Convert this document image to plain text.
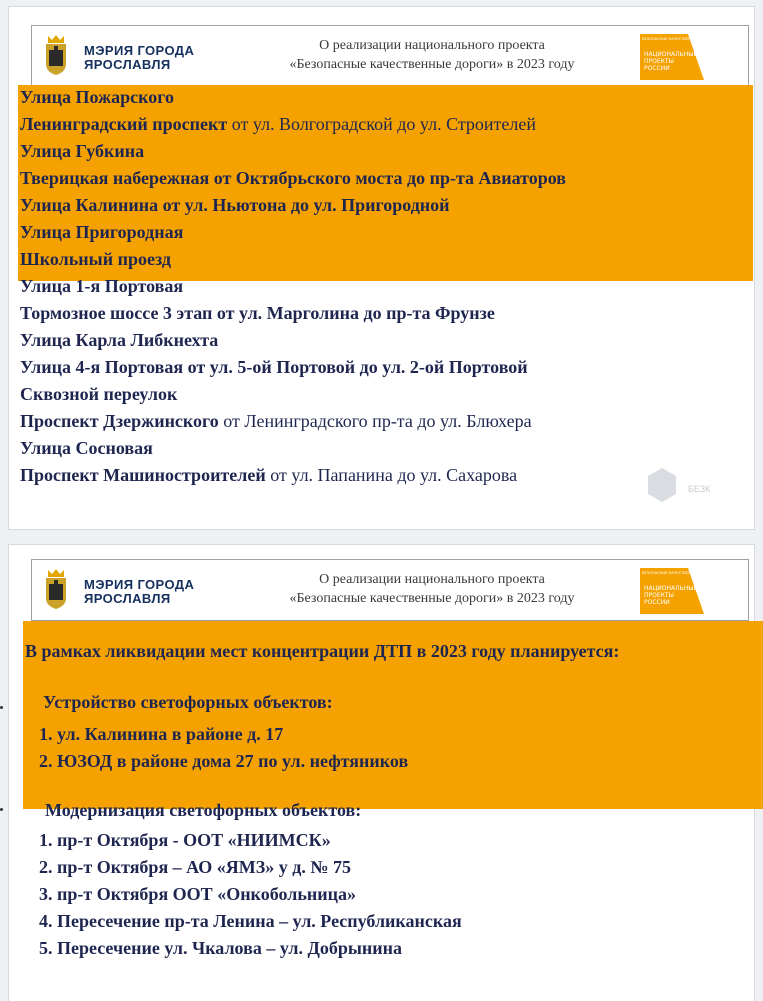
МЭРИЯ ГОРОДА
ЯРОСЛАВЛЯ
О реализации национального проекта
«Безопасные качественные дороги» в 2023 году
БЕЗОПАСНЫЕ КАЧЕСТВЕННЫЕ ДОРОГИ
НАЦИОНАЛЬНЫЕ
ПРОЕКТЫ
РОССИИ
Улица Пожарского
Ленинградский проспект от ул. Волгоградской до ул. Строителей
Улица Губкина
Тверицкая набережная от Октябрьского моста до пр-та Авиаторов
Улица Калинина от ул. Ньютона до ул. Пригородной
Улица Пригородная
Школьный проезд
Улица 1-я Портовая
Тормозное шоссе 3 этап от ул. Марголина до пр-та Фрунзе
Улица Карла Либкнехта
Улица 4-я Портовая от ул. 5-ой Портовой до ул. 2-ой Портовой
Сквозной переулок
Проспект Дзержинского от Ленинградского пр-та до ул. Блюхера
Улица Сосновая
Проспект Машиностроителей от ул. Папанина до ул. Сахарова
БЕЗК
МЭРИЯ ГОРОДА
ЯРОСЛАВЛЯ
О реализации национального проекта
«Безопасные качественные дороги» в 2023 году
БЕЗОПАСНЫЕ КАЧЕСТВЕННЫЕ ДОРОГИ
НАЦИОНАЛЬНЫЕ
ПРОЕКТЫ
РОССИИ
В рамках ликвидации мест концентрации ДТП в 2023 году планируется:
Устройство светофорных объектов:
1. ул. Калинина в районе д. 17
2. ЮЗОД в районе дома 27 по ул. нефтяников
Модернизация светофорных объектов:
1. пр-т Октября - ООТ «НИИМСК»
2. пр-т Октября – АО «ЯМЗ» у д. № 75
3. пр-т Октября ООТ «Онкобольница»
4. Пересечение пр-та Ленина – ул. Республиканская
5. Пересечение ул. Чкалова – ул. Добрынина
